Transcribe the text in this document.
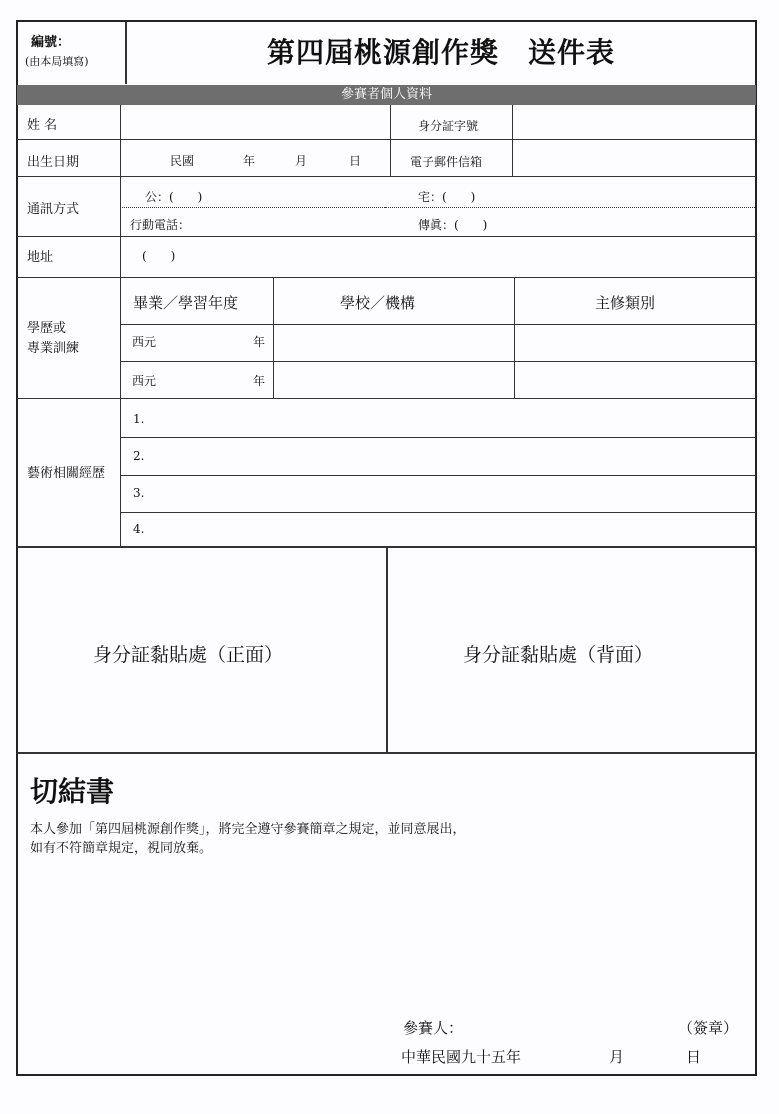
編號：
(由本局填寫)	第四屆桃源創作獎　送件表
參賽者個人資料
姓 名	身分証字號
出生日期	民國	年	月	日	電子郵件信箱
通訊方式
公：(　　)	宅：(　　)
行動電話：	傳眞：(　　)
地址	(　　)
學歷或
專業訓練
畢業／學習年度	學校／機構	主修類別
西元	年
西元	年
藝術相關經歷
1.
2.
3.
4.
身分証黏貼處（正面）	身分証黏貼處（背面）
切結書
本人參加「第四屆桃源創作獎」，將完全遵守參賽簡章之規定，並同意展出，
如有不符簡章規定，視同放棄。
參賽人：	（簽章）
中華民國九十五年	月	日
